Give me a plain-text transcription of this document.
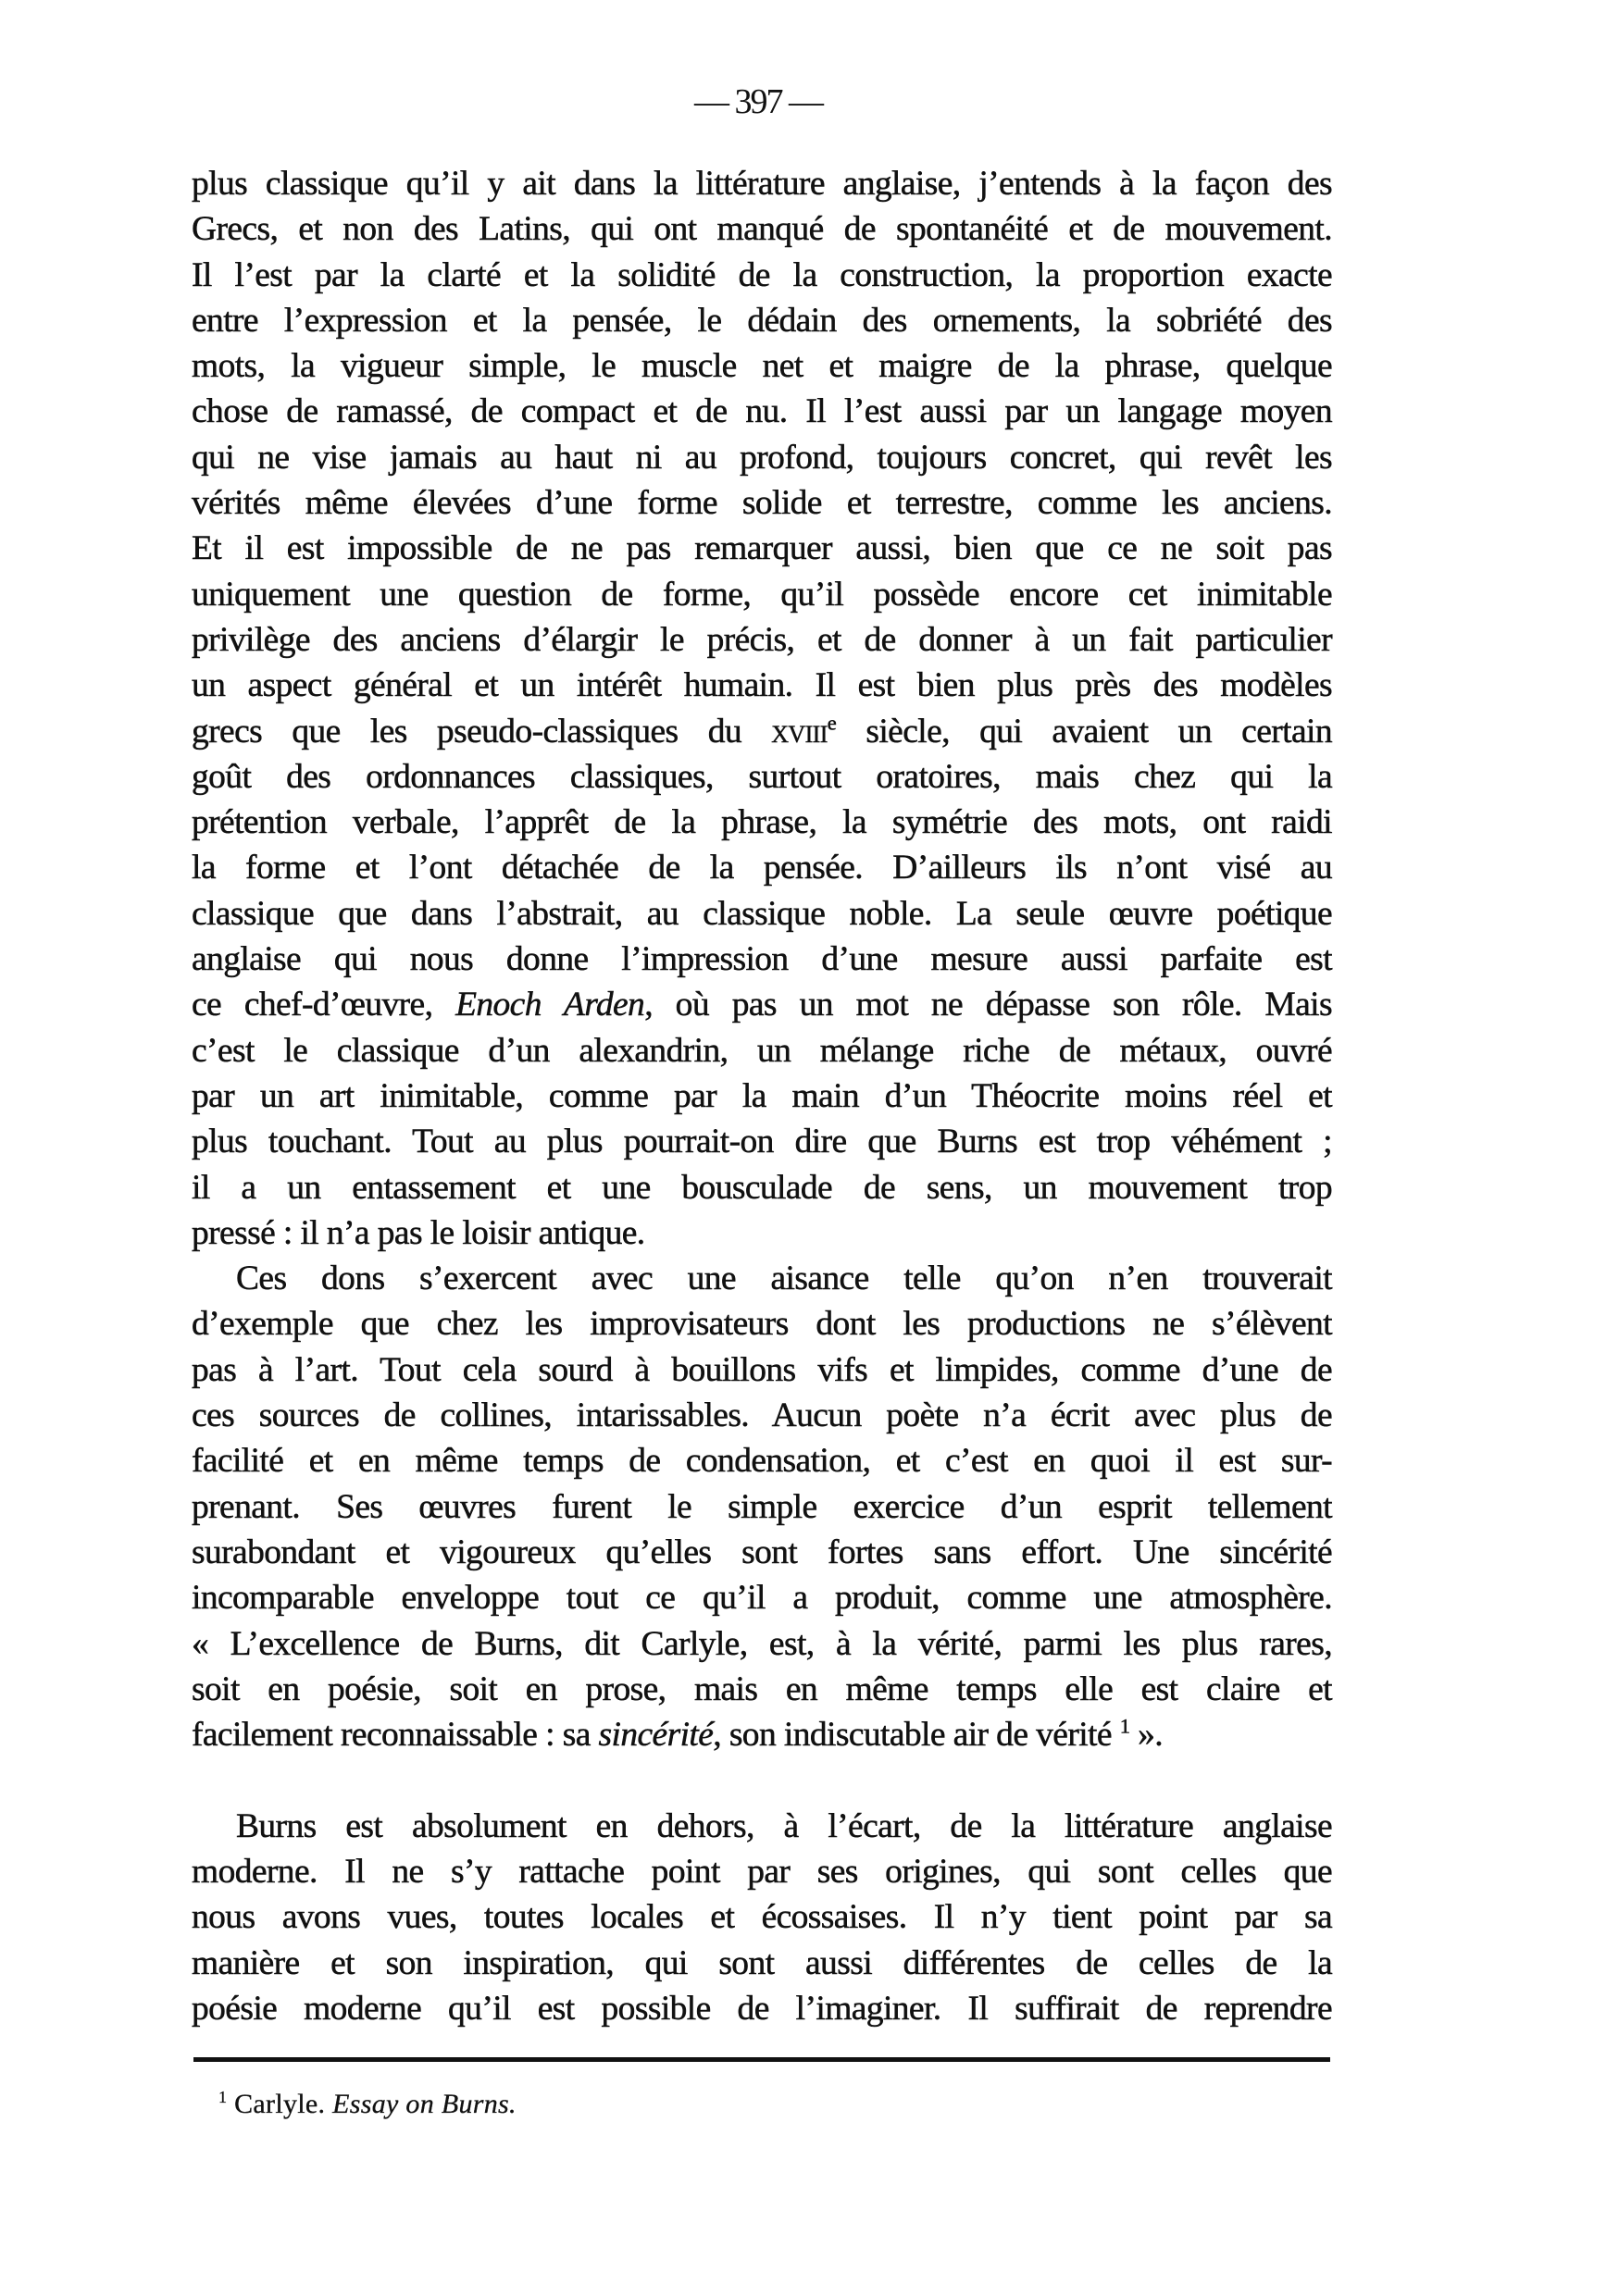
— 397 —
plus classique qu’il y ait dans la littérature anglaise, j’entends à la façon des
Grecs, et non des Latins, qui ont manqué de spontanéité et de mouvement.
Il l’est par la clarté et la solidité de la construction, la proportion exacte
entre l’expression et la pensée, le dédain des ornements, la sobriété des
mots, la vigueur simple, le muscle net et maigre de la phrase, quelque
chose de ramassé, de compact et de nu. Il l’est aussi par un langage moyen
qui ne vise jamais au haut ni au profond, toujours concret, qui revêt les
vérités même élevées d’une forme solide et terrestre, comme les anciens.
Et il est impossible de ne pas remarquer aussi, bien que ce ne soit pas
uniquement une question de forme, qu’il possède encore cet inimitable
privilège des anciens d’élargir le précis, et de donner à un fait particulier
un aspect général et un intérêt humain. Il est bien plus près des modèles
grecs que les pseudo-classiques du xviii$^e$ siècle, qui avaient un certain
goût des ordonnances classiques, surtout oratoires, mais chez qui la
prétention verbale, l’apprêt de la phrase, la symétrie des mots, ont raidi
la forme et l’ont détachée de la pensée. D’ailleurs ils n’ont visé au
classique que dans l’abstrait, au classique noble. La seule œuvre poétique
anglaise qui nous donne l’impression d’une mesure aussi parfaite est
ce chef-d’œuvre, Enoch Arden, où pas un mot ne dépasse son rôle. Mais
c’est le classique d’un alexandrin, un mélange riche de métaux, ouvré
par un art inimitable, comme par la main d’un Théocrite moins réel et
plus touchant. Tout au plus pourrait-on dire que Burns est trop véhément ;
il a un entassement et une bousculade de sens, un mouvement trop
pressé : il n’a pas le loisir antique.
Ces dons s’exercent avec une aisance telle qu’on n’en trouverait
d’exemple que chez les improvisateurs dont les productions ne s’élèvent
pas à l’art. Tout cela sourd à bouillons vifs et limpides, comme d’une de
ces sources de collines, intarissables. Aucun poète n’a écrit avec plus de
facilité et en même temps de condensation, et c’est en quoi il est sur-
prenant. Ses œuvres furent le simple exercice d’un esprit tellement
surabondant et vigoureux qu’elles sont fortes sans effort. Une sincérité
incomparable enveloppe tout ce qu’il a produit, comme une atmosphère.
« L’excellence de Burns, dit Carlyle, est, à la vérité, parmi les plus rares,
soit en poésie, soit en prose, mais en même temps elle est claire et
facilement reconnaissable : sa sincérité, son indiscutable air de vérité $^1$ ».
Burns est absolument en dehors, à l’écart, de la littérature anglaise
moderne. Il ne s’y rattache point par ses origines, qui sont celles que
nous avons vues, toutes locales et écossaises. Il n’y tient point par sa
manière et son inspiration, qui sont aussi différentes de celles de la
poésie moderne qu’il est possible de l’imaginer. Il suffirait de reprendre
$^1$ Carlyle. Essay on Burns.
